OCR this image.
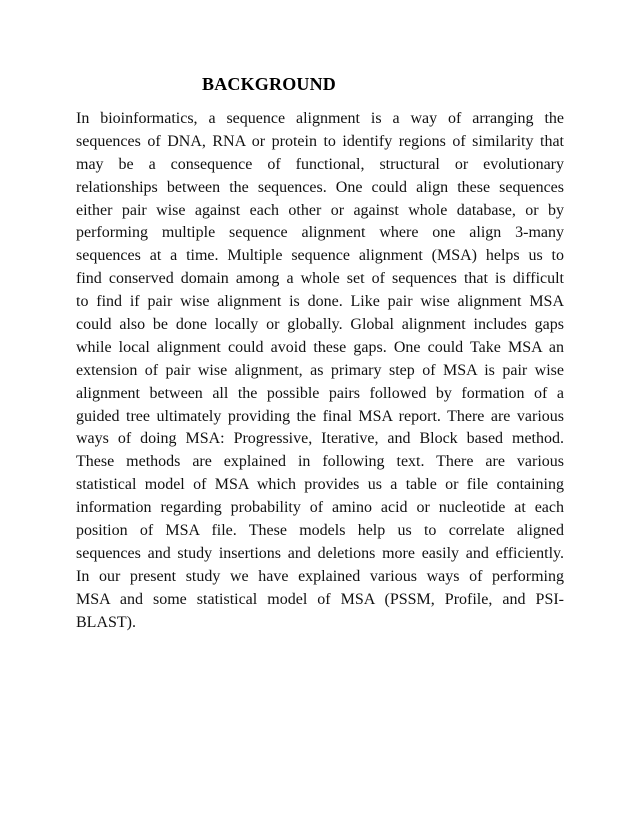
BACKGROUND
In bioinformatics, a sequence alignment is a way of arranging the
sequences of DNA, RNA or protein to identify regions of similarity that
may be a consequence of functional, structural or evolutionary
relationships between the sequences. One could align these sequences
either pair wise against each other or against whole database, or by
performing multiple sequence alignment where one align 3-many
sequences at a time. Multiple sequence alignment (MSA) helps us to
find conserved domain among a whole set of sequences that is difficult
to find if pair wise alignment is done. Like pair wise alignment MSA
could also be done locally or globally. Global alignment includes gaps
while local alignment could avoid these gaps. One could Take MSA an
extension of pair wise alignment, as primary step of MSA is pair wise
alignment between all the possible pairs followed by formation of a
guided tree ultimately providing the final MSA report. There are various
ways of doing MSA: Progressive, Iterative, and Block based method.
These methods are explained in following text. There are various
statistical model of MSA which provides us a table or file containing
information regarding probability of amino acid or nucleotide at each
position of MSA file. These models help us to correlate aligned
sequences and study insertions and deletions more easily and efficiently.
In our present study we have explained various ways of performing
MSA and some statistical model of MSA (PSSM, Profile, and PSI-
BLAST).
